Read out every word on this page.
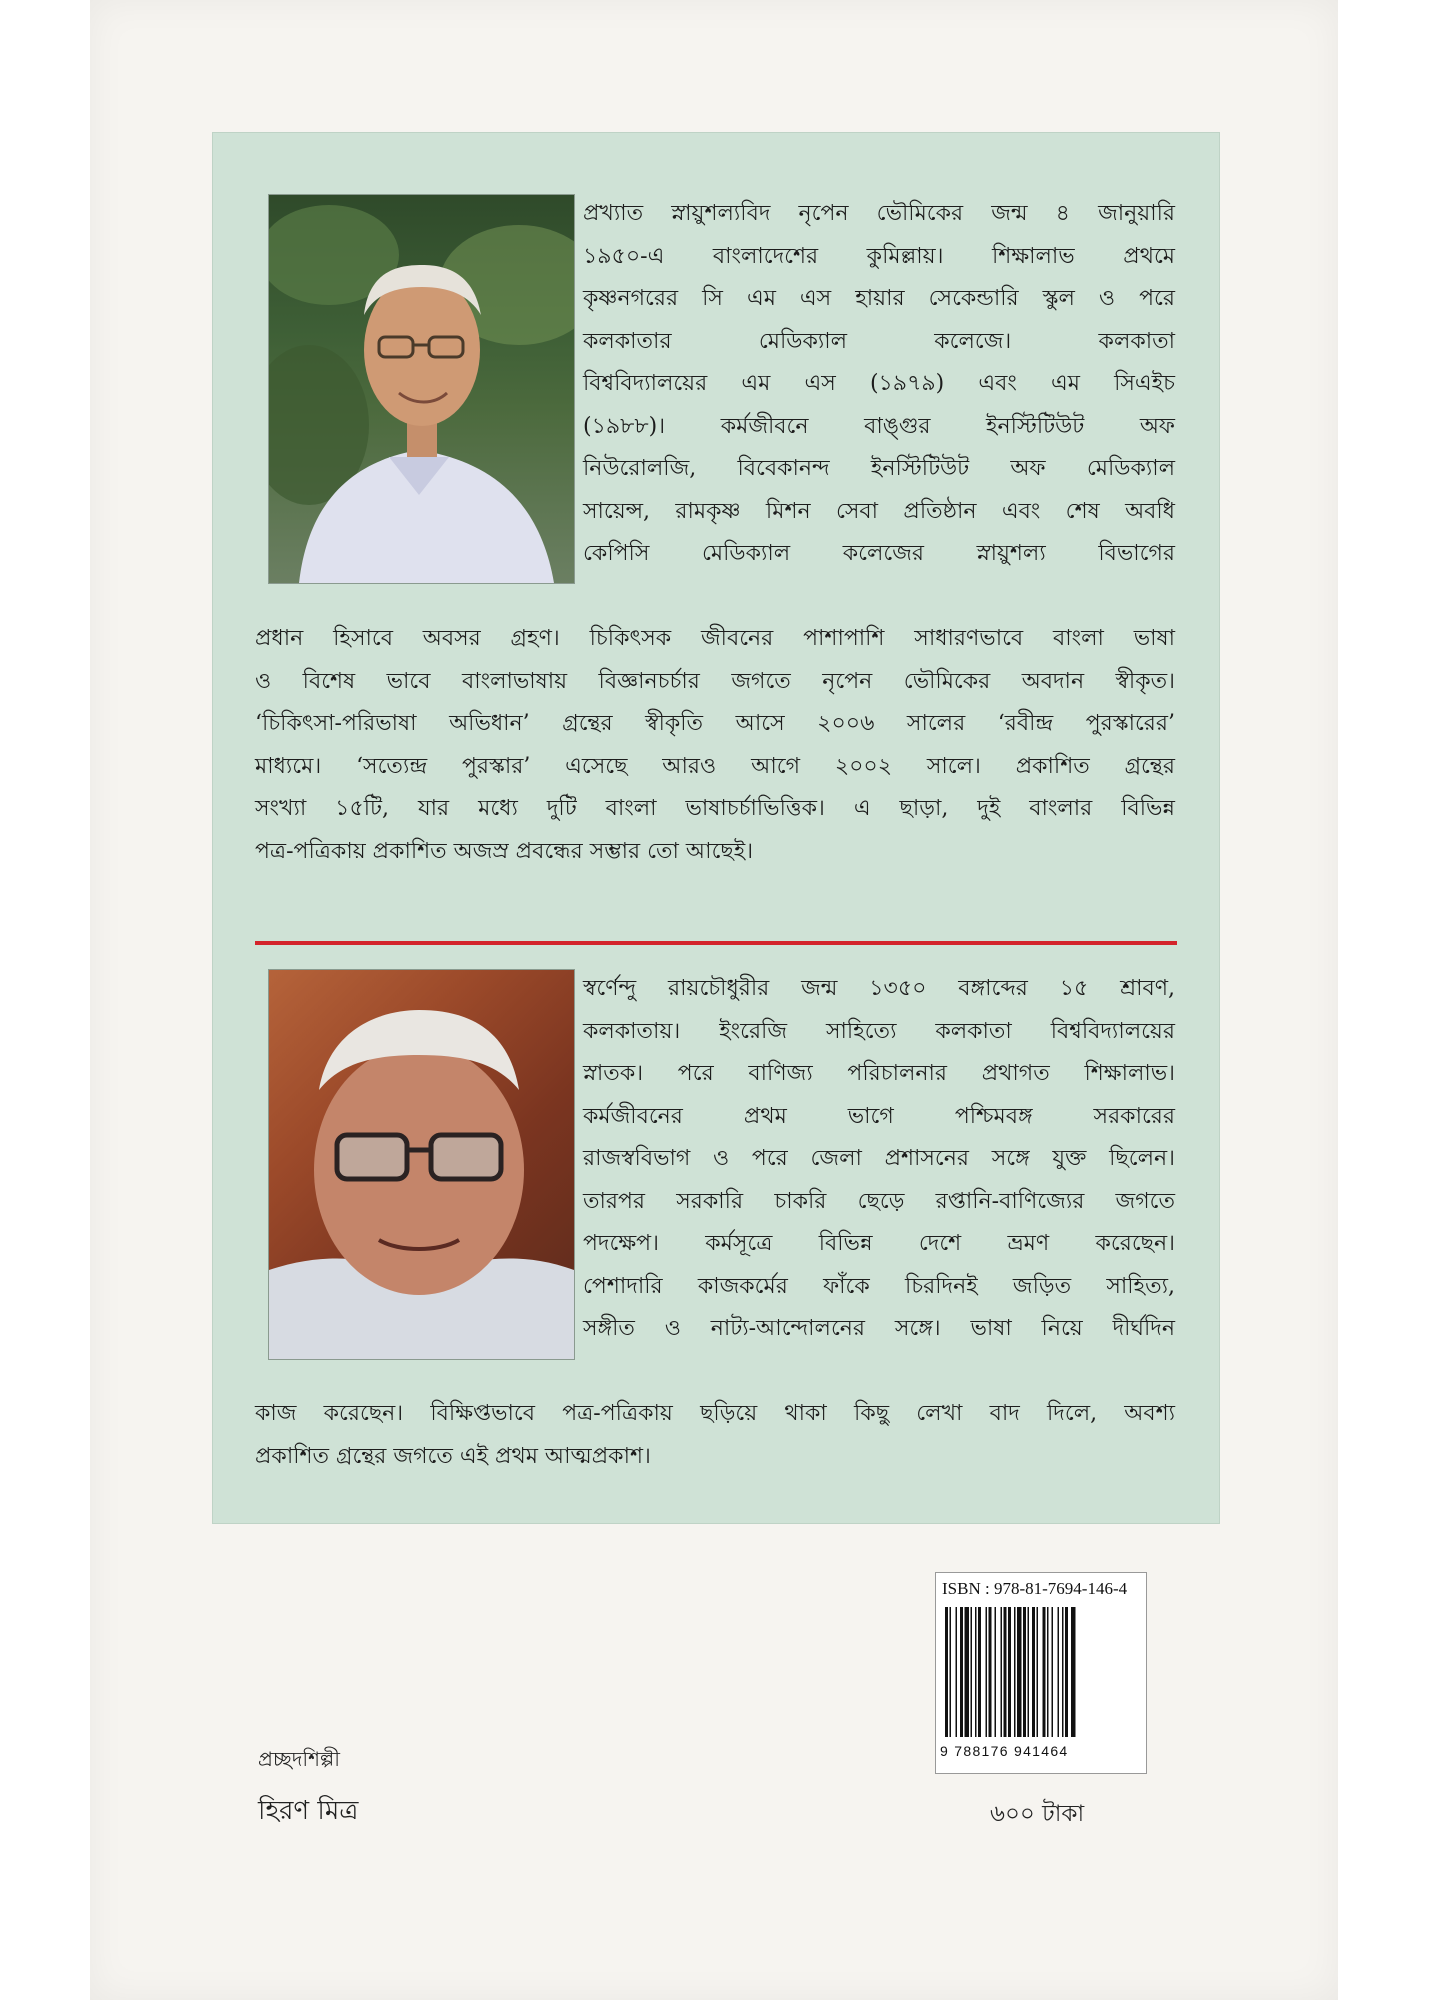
প্রখ্যাত স্নায়ুশল্যবিদ নৃপেন ভৌমিকের জন্ম ৪ জানুয়ারি
১৯৫০-এ বাংলাদেশের কুমিল্লায়। শিক্ষালাভ প্রথমে
কৃষ্ণনগরের সি এম এস হায়ার সেকেন্ডারি স্কুল ও পরে
কলকাতার মেডিক্যাল কলেজে। কলকাতা
বিশ্ববিদ্যালয়ের এম এস (১৯৭৯) এবং এম সিএইচ
(১৯৮৮)। কর্মজীবনে বাঙ্গুর ইনস্টিটিউট অফ
নিউরোলজি, বিবেকানন্দ ইনস্টিটিউট অফ মেডিক্যাল
সায়েন্স, রামকৃষ্ণ মিশন সেবা প্রতিষ্ঠান এবং শেষ অবধি
কেপিসি মেডিক্যাল কলেজের স্নায়ুশল্য বিভাগের
প্রধান হিসাবে অবসর গ্রহণ। চিকিৎসক জীবনের পাশাপাশি সাধারণভাবে বাংলা ভাষা
ও বিশেষ ভাবে বাংলাভাষায় বিজ্ঞানচর্চার জগতে নৃপেন ভৌমিকের অবদান স্বীকৃত।
‘চিকিৎসা-পরিভাষা অভিধান’ গ্রন্থের স্বীকৃতি আসে ২০০৬ সালের ‘রবীন্দ্র পুরস্কারের’
মাধ্যমে। ‘সত্যেন্দ্র পুরস্কার’ এসেছে আরও আগে ২০০২ সালে। প্রকাশিত গ্রন্থের
সংখ্যা ১৫টি, যার মধ্যে দুটি বাংলা ভাষাচর্চাভিত্তিক। এ ছাড়া, দুই বাংলার বিভিন্ন
পত্র-পত্রিকায় প্রকাশিত অজস্র প্রবন্ধের সম্ভার তো আছেই।
স্বর্ণেন্দু রায়চৌধুরীর জন্ম ১৩৫০ বঙ্গাব্দের ১৫ শ্রাবণ,
কলকাতায়। ইংরেজি সাহিত্যে কলকাতা বিশ্ববিদ্যালয়ের
স্নাতক। পরে বাণিজ্য পরিচালনার প্রথাগত শিক্ষালাভ।
কর্মজীবনের প্রথম ভাগে পশ্চিমবঙ্গ সরকারের
রাজস্ববিভাগ ও পরে জেলা প্রশাসনের সঙ্গে যুক্ত ছিলেন।
তারপর সরকারি চাকরি ছেড়ে রপ্তানি-বাণিজ্যের জগতে
পদক্ষেপ। কর্মসূত্রে বিভিন্ন দেশে ভ্রমণ করেছেন।
পেশাদারি কাজকর্মের ফাঁকে চিরদিনই জড়িত সাহিত্য,
সঙ্গীত ও নাট্য-আন্দোলনের সঙ্গে। ভাষা নিয়ে দীর্ঘদিন
কাজ করেছেন। বিক্ষিপ্তভাবে পত্র-পত্রিকায় ছড়িয়ে থাকা কিছু লেখা বাদ দিলে, অবশ্য
প্রকাশিত গ্রন্থের জগতে এই প্রথম আত্মপ্রকাশ।
ISBN : 978-81-7694-146-4
9 788176 941464
প্রচ্ছদশিল্পী
হিরণ মিত্র	৬০০ টাকা
